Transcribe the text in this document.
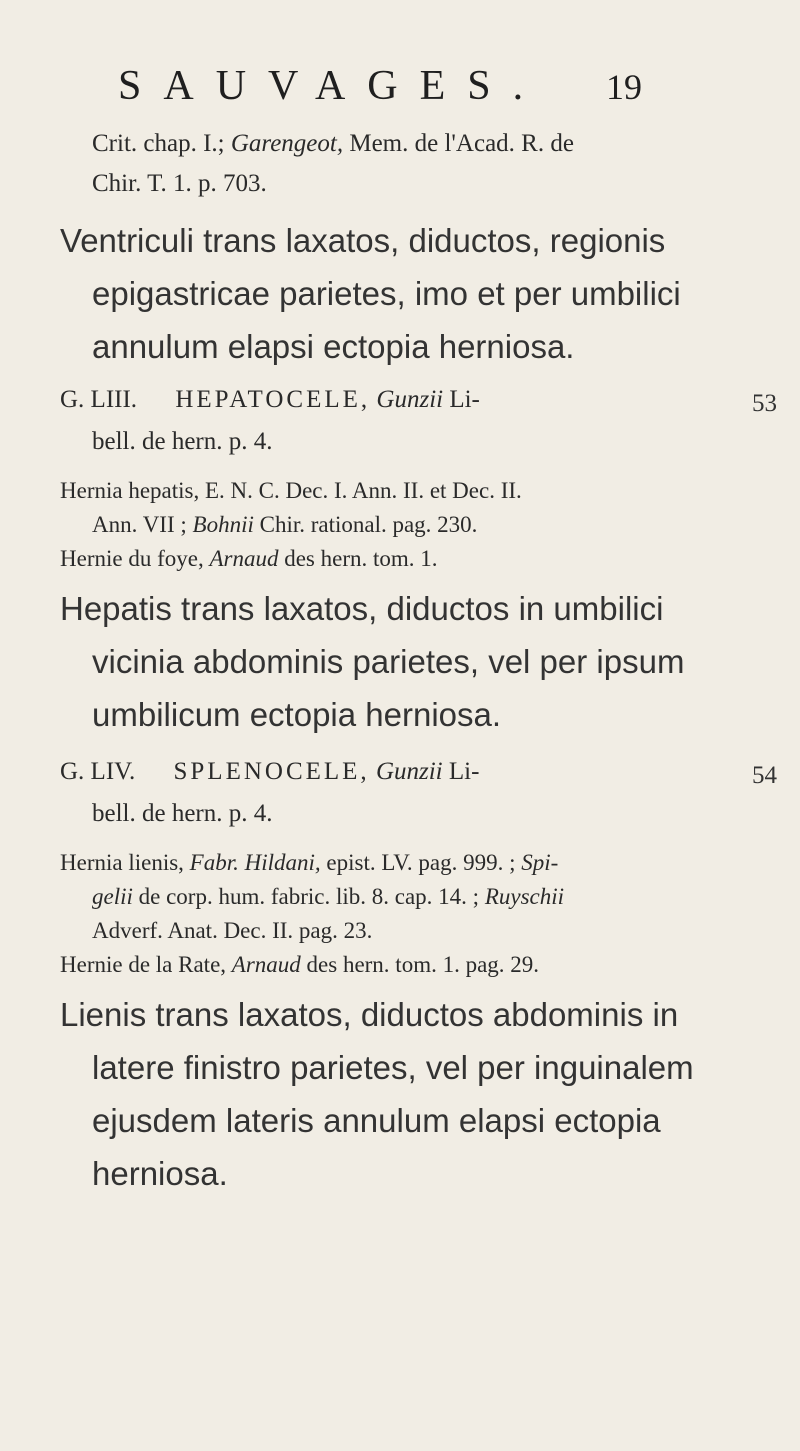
SAUVAGES.	19
Crit. chap. I.; Garengeot, Mem. de l'Acad. R. de
Chir. T. 1. p. 703.
Ventriculi trans laxatos, diductos, regionis
epigastricae parietes, imo et per umbilici
annulum elapsi ectopia herniosa.
G. LIII. HEPATOCELE, Gunzii Li-	53
bell. de hern. p. 4.
Hernia hepatis, E. N. C. Dec. I. Ann. II. et Dec. II.
Ann. VII ; Bohnii Chir. rational. pag. 230.
Hernie du foye, Arnaud des hern. tom. 1.
Hepatis trans laxatos, diductos in umbilici
vicinia abdominis parietes, vel per ipsum
umbilicum ectopia herniosa.
G. LIV. SPLENOCELE, Gunzii Li-	54
bell. de hern. p. 4.
Hernia lienis, Fabr. Hildani, epist. LV. pag. 999. ; Spi-
gelii de corp. hum. fabric. lib. 8. cap. 14. ; Ruyschii
Adverf. Anat. Dec. II. pag. 23.
Hernie de la Rate, Arnaud des hern. tom. 1. pag. 29.
Lienis trans laxatos, diductos abdominis in
latere finistro parietes, vel per inguinalem
ejusdem lateris annulum elapsi ectopia
herniosa.
